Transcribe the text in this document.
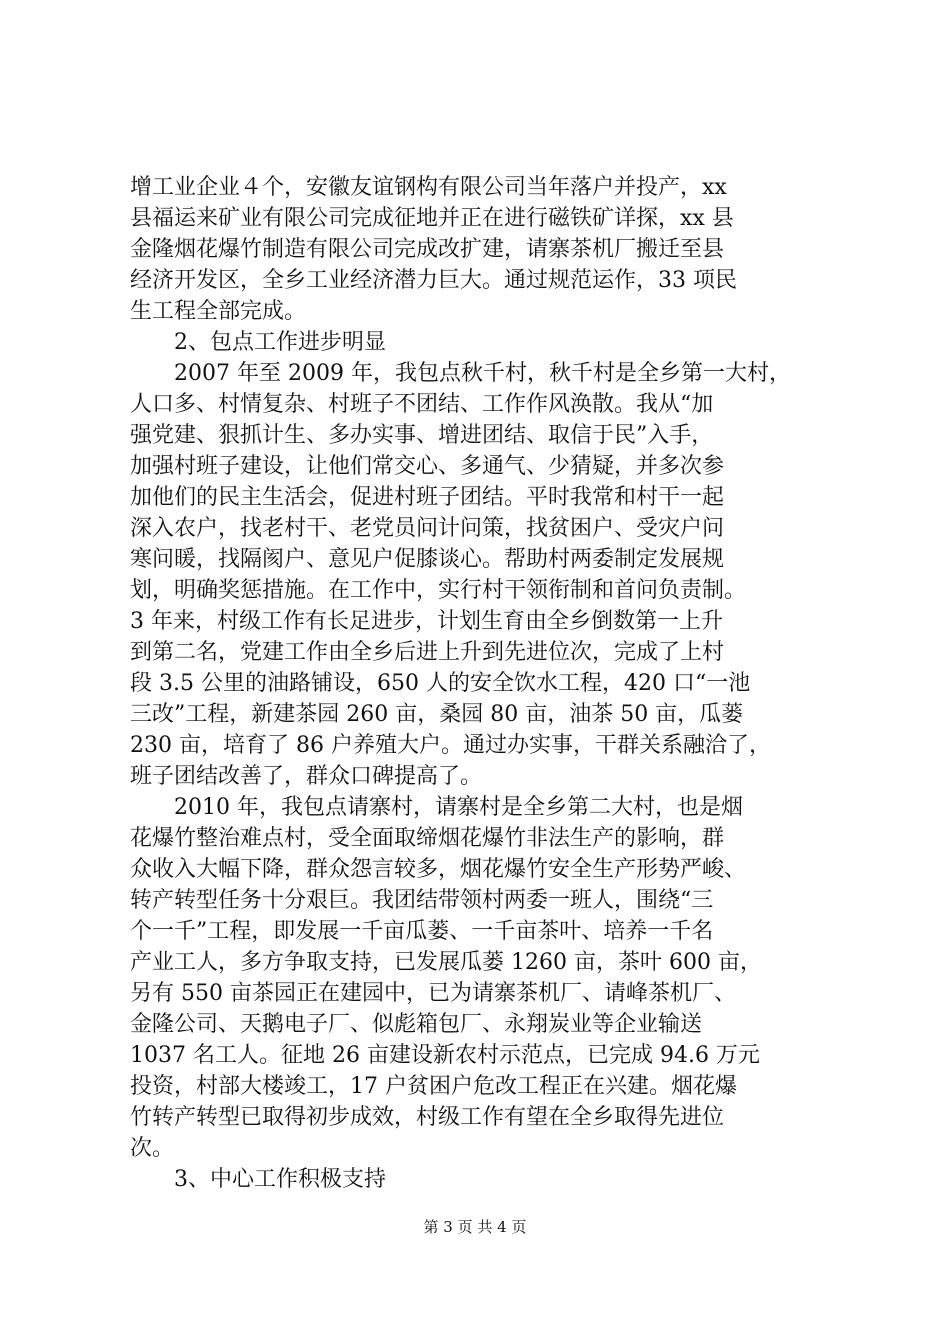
增工业企业４个，安徽友谊钢构有限公司当年落户并投产，xx
县福运来矿业有限公司完成征地并正在进行磁铁矿详探，xx 县
金隆烟花爆竹制造有限公司完成改扩建，请寨茶机厂搬迁至县
经济开发区，全乡工业经济潜力巨大。通过规范运作，33 项民
生工程全部完成。
2、包点工作进步明显
2007 年至 2009 年，我包点秋千村，秋千村是全乡第一大村，
人口多、村情复杂、村班子不团结、工作作风涣散。我从“加
强党建、狠抓计生、多办实事、增进团结、取信于民”入手，
加强村班子建设，让他们常交心、多通气、少猜疑，并多次参
加他们的民主生活会，促进村班子团结。平时我常和村干一起
深入农户，找老村干、老党员问计问策，找贫困户、受灾户问
寒问暖，找隔阂户、意见户促膝谈心。帮助村两委制定发展规
划，明确奖惩措施。在工作中，实行村干领衔制和首问负责制。
3 年来，村级工作有长足进步，计划生育由全乡倒数第一上升
到第二名，党建工作由全乡后进上升到先进位次，完成了上村
段 3.5 公里的油路铺设，650 人的安全饮水工程，420 口“一池
三改”工程，新建茶园 260 亩，桑园 80 亩，油茶 50 亩，瓜蒌
230 亩，培育了 86 户养殖大户。通过办实事，干群关系融洽了，
班子团结改善了，群众口碑提高了。
2010 年，我包点请寨村，请寨村是全乡第二大村，也是烟
花爆竹整治难点村，受全面取缔烟花爆竹非法生产的影响，群
众收入大幅下降，群众怨言较多，烟花爆竹安全生产形势严峻、
转产转型任务十分艰巨。我团结带领村两委一班人，围绕“三
个一千”工程，即发展一千亩瓜蒌、一千亩茶叶、培养一千名
产业工人，多方争取支持，已发展瓜蒌 1260 亩，茶叶 600 亩，
另有 550 亩茶园正在建园中，已为请寨茶机厂、请峰茶机厂、
金隆公司、天鹅电子厂、似彪箱包厂、永翔炭业等企业输送
1037 名工人。征地 26 亩建设新农村示范点，已完成 94.6 万元
投资，村部大楼竣工，17 户贫困户危改工程正在兴建。烟花爆
竹转产转型已取得初步成效，村级工作有望在全乡取得先进位
次。
3、中心工作积极支持
第 3 页 共 4 页
